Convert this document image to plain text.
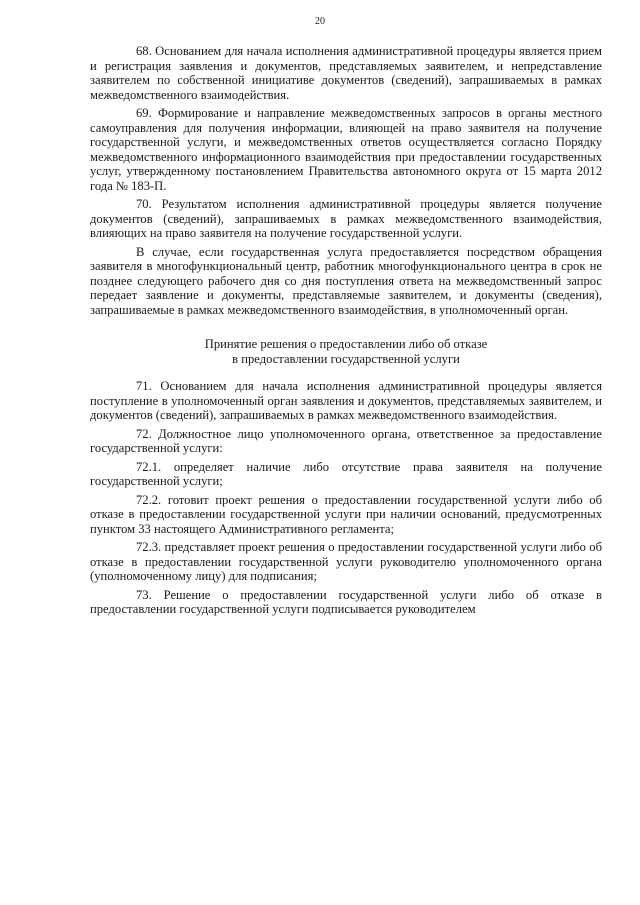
20

68. Основанием для начала исполнения административной процедуры является прием и регистрация заявления и документов, представляемых заявителем, и непредставление заявителем по собственной инициативе документов (сведений), запрашиваемых в рамках межведомственного взаимодействия.

69. Формирование и направление межведомственных запросов в органы местного самоуправления для получения информации, влияющей на право заявителя на получение государственной услуги, и межведомственных ответов осуществляется согласно Порядку межведомственного информационного взаимодействия при предоставлении государственных услуг, утвержденному постановлением Правительства автономного округа от 15 марта 2012 года № 183-П.

70. Результатом исполнения административной процедуры является получение документов (сведений), запрашиваемых в рамках межведомственного взаимодействия, влияющих на право заявителя на получение государственной услуги.

В случае, если государственная услуга предоставляется посредством обращения заявителя в многофункциональный центр, работник многофункционального центра в срок не позднее следующего рабочего дня со дня поступления ответа на межведомственный запрос передает заявление и документы, представляемые заявителем, и документы (сведения), запрашиваемые в рамках межведомственного взаимодействия, в уполномоченный орган.

Принятие решения о предоставлении либо об отказе
в предоставлении государственной услуги

71. Основанием для начала исполнения административной процедуры является поступление в уполномоченный орган заявления и документов, представляемых заявителем, и документов (сведений), запрашиваемых в рамках межведомственного взаимодействия.

72. Должностное лицо уполномоченного органа, ответственное за предоставление государственной услуги:

72.1. определяет наличие либо отсутствие права заявителя на получение государственной услуги;

72.2. готовит проект решения о предоставлении государственной услуги либо об отказе в предоставлении государственной услуги при наличии оснований, предусмотренных пунктом 33 настоящего Административного регламента;

72.3. представляет проект решения о предоставлении государственной услуги либо об отказе в предоставлении государственной услуги руководителю уполномоченного органа (уполномоченному лицу) для подписания;

73. Решение о предоставлении государственной услуги либо об отказе в предоставлении государственной услуги подписывается руководителем
